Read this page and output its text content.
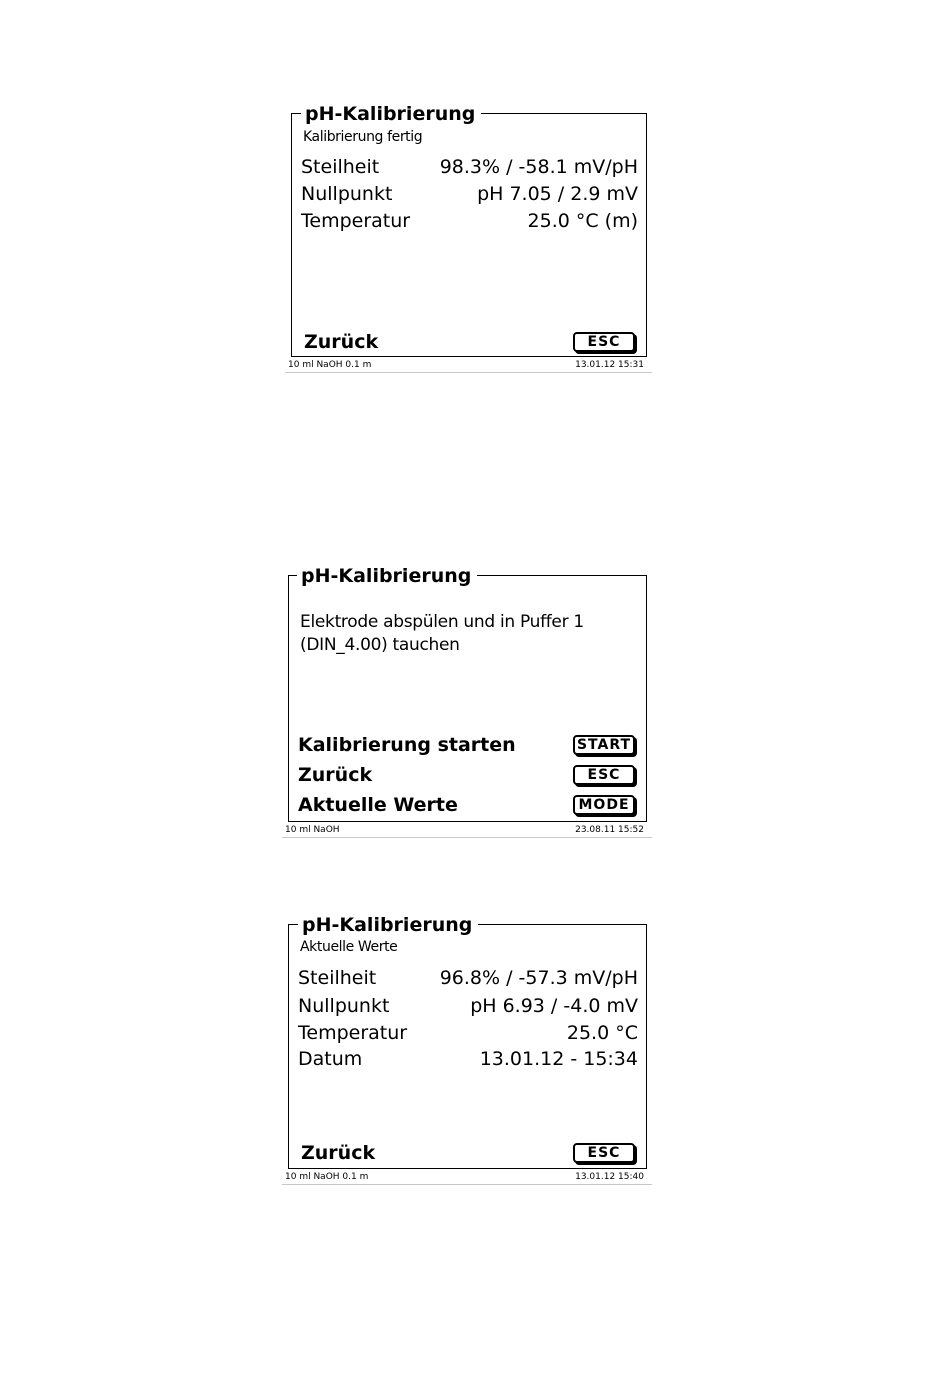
pH-Kalibrierung
Kalibrierung fertig
Steilheit	98.3% / -58.1 mV/pH
Nullpunkt	pH 7.05 / 2.9 mV
Temperatur	25.0 °C (m)
Zurück	ESC
10 ml NaOH 0.1 m	13.01.12 15:31
pH-Kalibrierung
Elektrode abspülen und in Puffer 1
(DIN_4.00) tauchen
Kalibrierung starten	START
Zurück	ESC
Aktuelle Werte	MODE
10 ml NaOH	23.08.11 15:52
pH-Kalibrierung
Aktuelle Werte
Steilheit	96.8% / -57.3 mV/pH
Nullpunkt	pH 6.93 / -4.0 mV
Temperatur	25.0 °C
Datum	13.01.12 - 15:34
Zurück	ESC
10 ml NaOH 0.1 m	13.01.12 15:40
